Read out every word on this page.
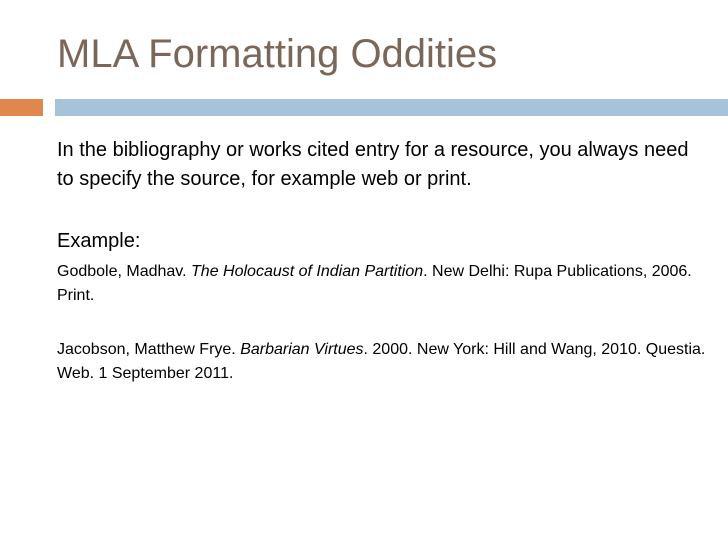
MLA Formatting Oddities

In the bibliography or works cited entry for a resource, you always need to specify the source, for example web or print.

Example:

Godbole, Madhav. The Holocaust of Indian Partition. New Delhi: Rupa Publications, 2006. Print.

Jacobson, Matthew Frye. Barbarian Virtues. 2000. New York: Hill and Wang, 2010. Questia. Web. 1 September 2011.
